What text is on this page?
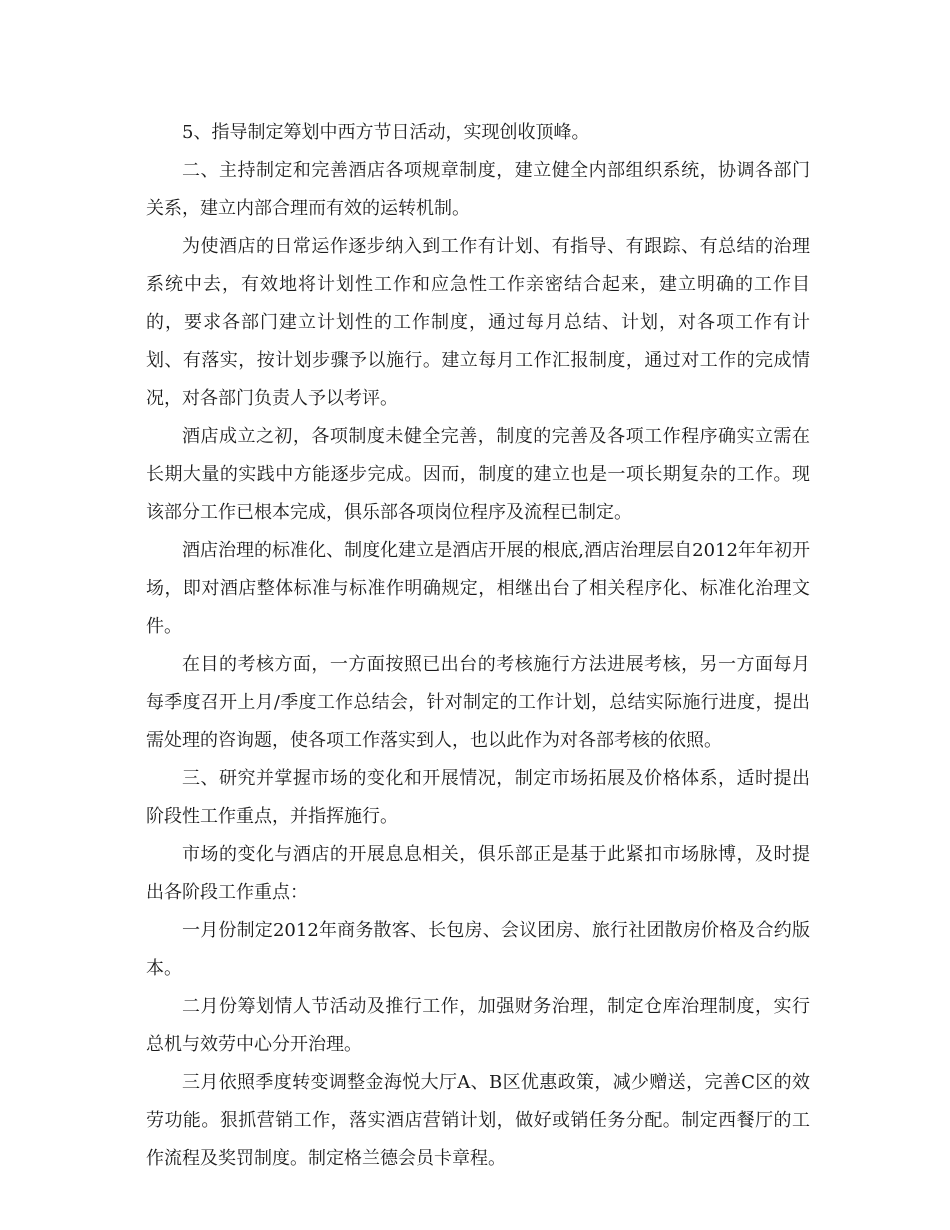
5、指导制定筹划中西方节日活动，实现创收顶峰。

二、主持制定和完善酒店各项规章制度，建立健全内部组织系统，协调各部门关系，建立内部合理而有效的运转机制。

为使酒店的日常运作逐步纳入到工作有计划、有指导、有跟踪、有总结的治理系统中去，有效地将计划性工作和应急性工作亲密结合起来，建立明确的工作目的，要求各部门建立计划性的工作制度，通过每月总结、计划，对各项工作有计划、有落实，按计划步骤予以施行。建立每月工作汇报制度，通过对工作的完成情况，对各部门负责人予以考评。

酒店成立之初，各项制度未健全完善，制度的完善及各项工作程序确实立需在长期大量的实践中方能逐步完成。因而，制度的建立也是一项长期复杂的工作。现该部分工作已根本完成，俱乐部各项岗位程序及流程已制定。

酒店治理的标准化、制度化建立是酒店开展的根底,酒店治理层自2012年年初开场，即对酒店整体标准与标准作明确规定，相继出台了相关程序化、标准化治理文件。

在目的考核方面，一方面按照已出台的考核施行方法进展考核，另一方面每月每季度召开上月/季度工作总结会，针对制定的工作计划，总结实际施行进度，提出需处理的咨询题，使各项工作落实到人，也以此作为对各部考核的依照。

三、研究并掌握市场的变化和开展情况，制定市场拓展及价格体系，适时提出阶段性工作重点，并指挥施行。

市场的变化与酒店的开展息息相关，俱乐部正是基于此紧扣市场脉博，及时提出各阶段工作重点：

一月份制定2012年商务散客、长包房、会议团房、旅行社团散房价格及合约版本。

二月份筹划情人节活动及推行工作，加强财务治理，制定仓库治理制度，实行总机与效劳中心分开治理。

三月依照季度转变调整金海悦大厅A、B区优惠政策，减少赠送，完善C区的效劳功能。狠抓营销工作，落实酒店营销计划，做好或销任务分配。制定西餐厅的工作流程及奖罚制度。制定格兰德会员卡章程。
